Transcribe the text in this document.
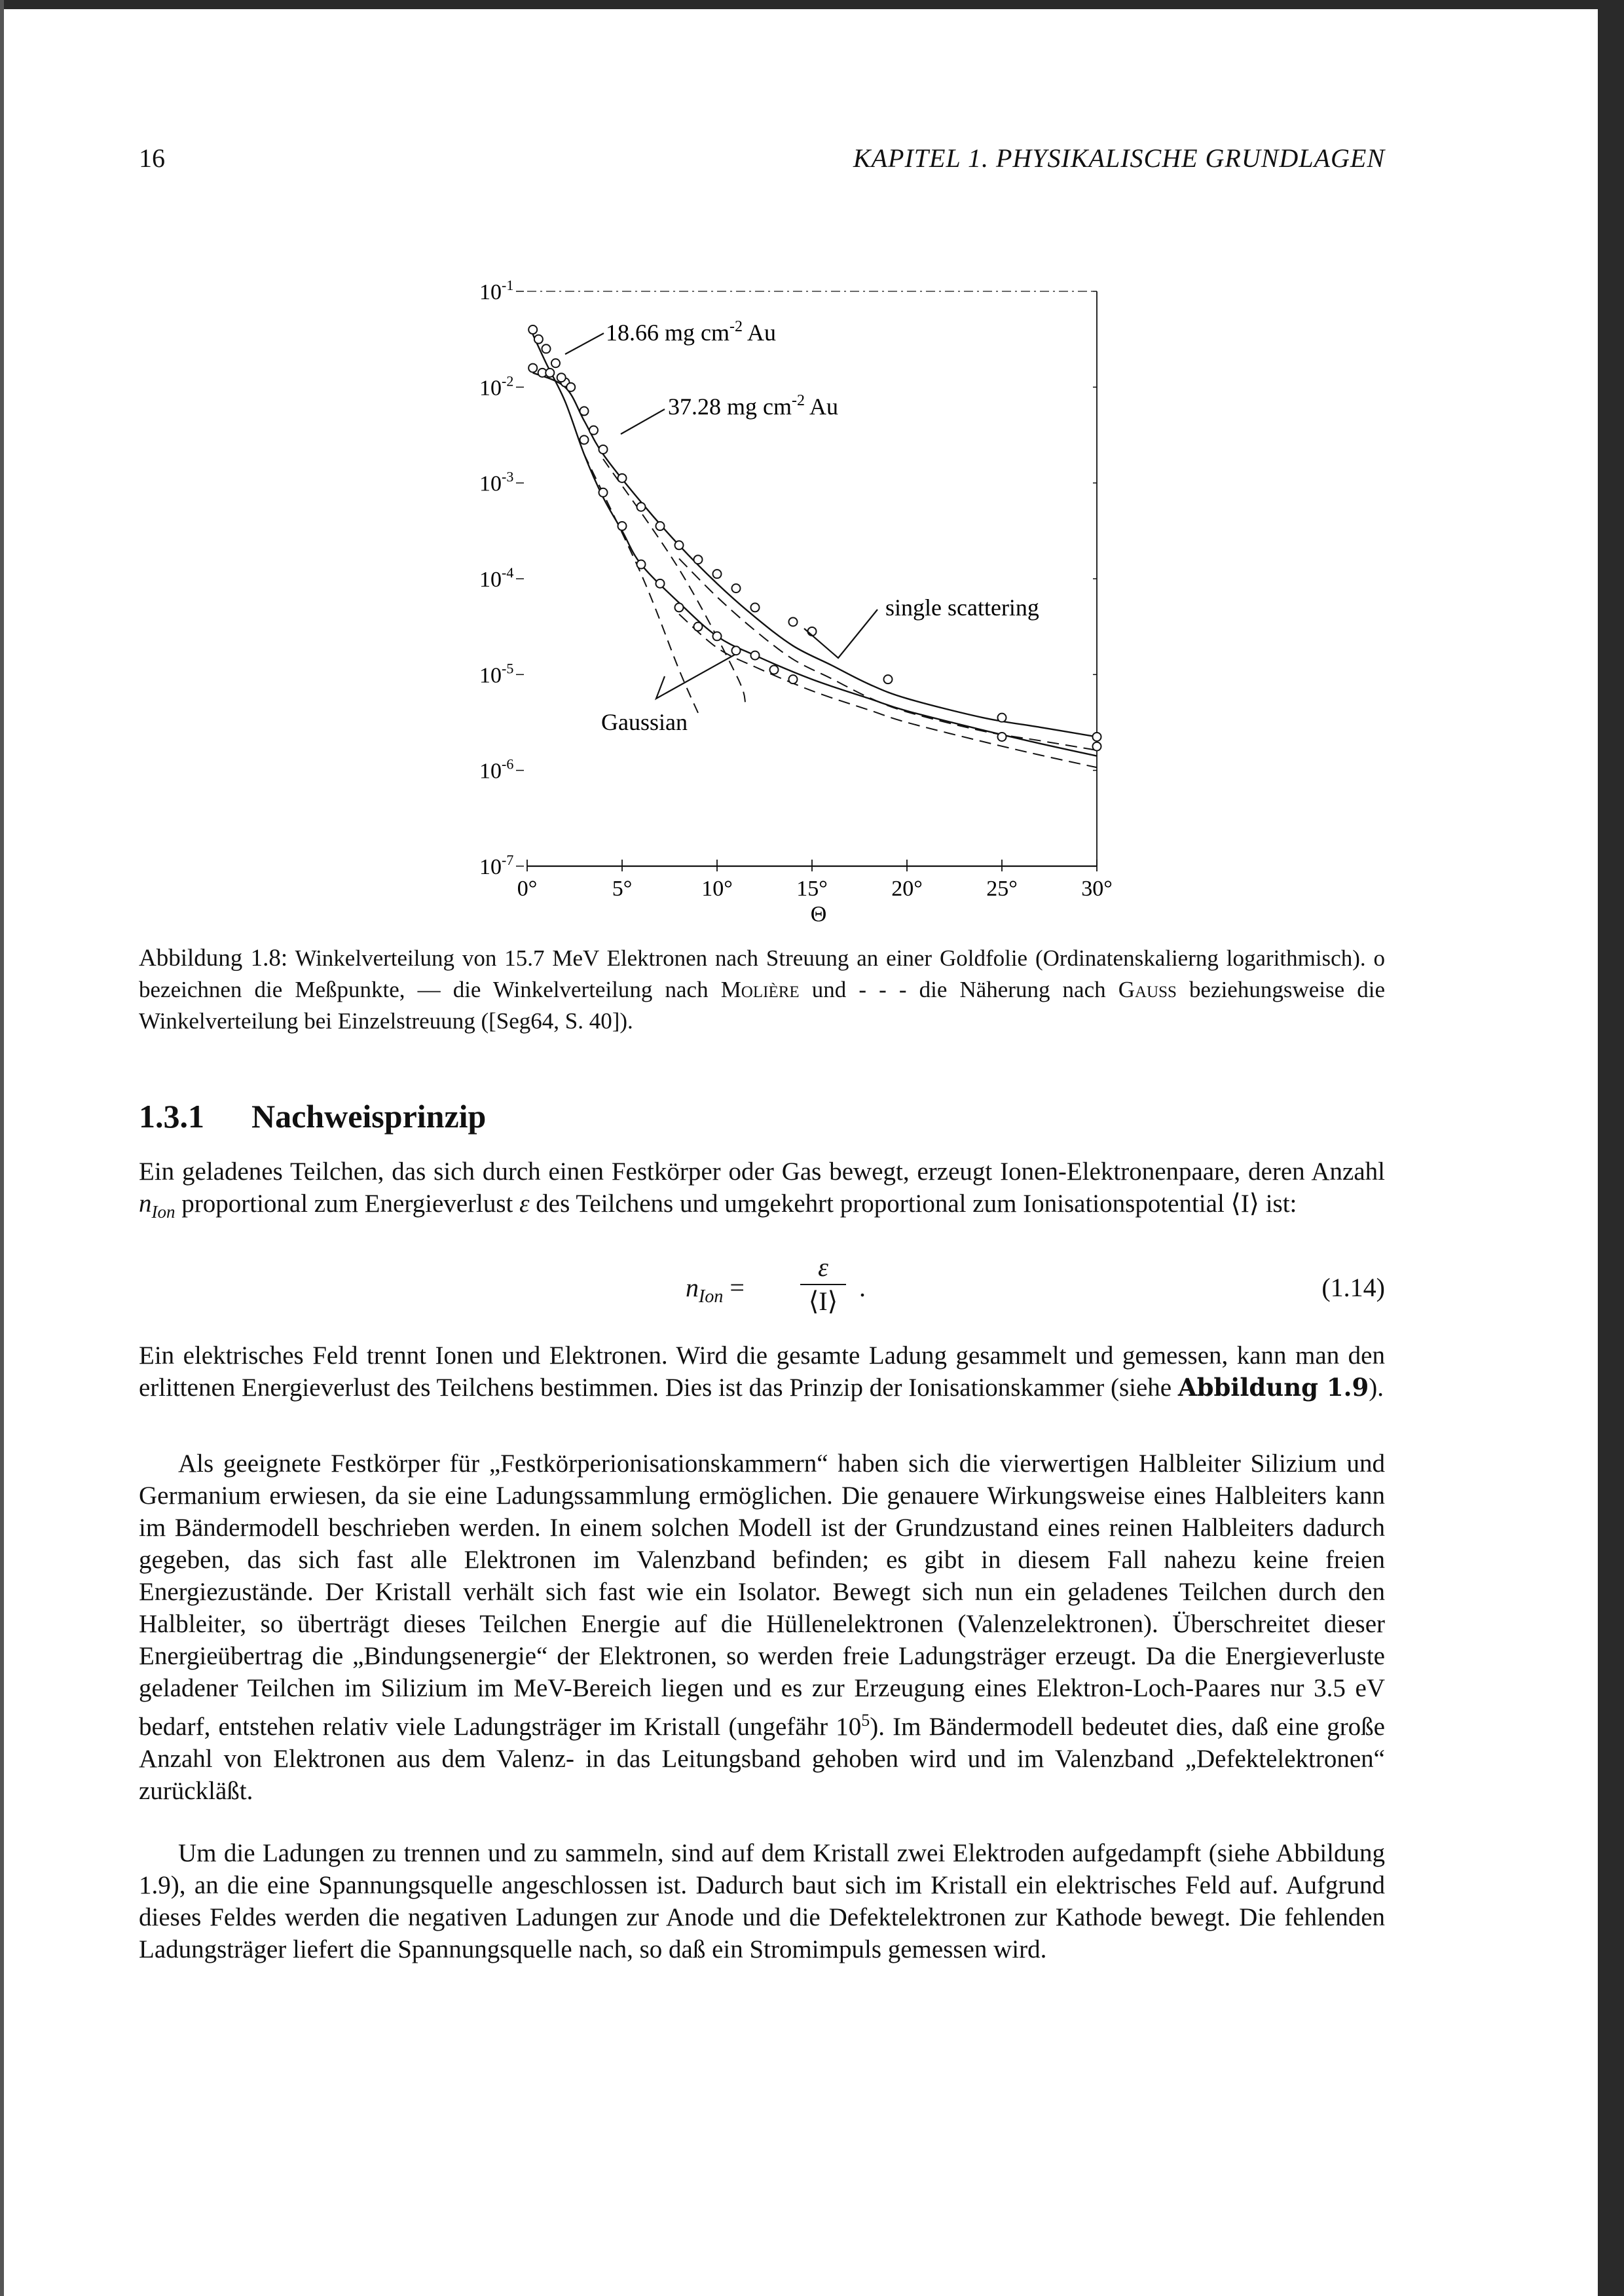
16	KAPITEL 1. PHYSIKALISCHE GRUNDLAGEN
$10^{-1}$
$10^{-2}$
$10^{-3}$
$10^{-4}$
$10^{-5}$
$10^{-6}$
$10^{-7}$
0°	5°	10°	15°	20°	25°	30°
18.66 mg $cm^{-2}$ Au
37.28 mg $cm^{-2}$ Au
single scattering
Gaussian
Θ
Abbildung 1.8: Winkelverteilung von 15.7 MeV Elektronen nach Streuung an einer Goldfolie (Ordinatenskalierng logarithmisch). o bezeichnen die Meßpunkte, — die Winkelverteilung nach Molière und - - - die Näherung nach Gauss beziehungsweise die Winkelverteilung bei Einzelstreuung ([Seg64, S. 40]).
1.3.1 Nachweisprinzip
Ein geladenes Teilchen, das sich durch einen Festkörper oder Gas bewegt, erzeugt Ionen-Elektronenpaare, deren Anzahl $n_{Ion}$ proportional zum Energieverlust ε des Teilchens und umgekehrt proportional zum Ionisationspotential ⟨I⟩ ist:
$n_{Ion}$ =
ε
⟨I⟩ .	(1.14)
Ein elektrisches Feld trennt Ionen und Elektronen. Wird die gesamte Ladung gesammelt und gemessen, kann man den erlittenen Energieverlust des Teilchens bestimmen. Dies ist das Prinzip der Ionisationskammer (siehe Abbildung 1.9).
Als geeignete Festkörper für „Festkörperionisationskammern“ haben sich die vierwertigen Halbleiter Silizium und Germanium erwiesen, da sie eine Ladungssammlung ermöglichen. Die genauere Wirkungsweise eines Halbleiters kann im Bändermodell beschrieben werden. In einem solchen Modell ist der Grundzustand eines reinen Halbleiters dadurch gegeben, das sich fast alle Elektronen im Valenzband befinden; es gibt in diesem Fall nahezu keine freien Energiezustände. Der Kristall verhält sich fast wie ein Isolator. Bewegt sich nun ein geladenes Teilchen durch den Halbleiter, so überträgt dieses Teilchen Energie auf die Hüllenelektronen (Valenzelektronen). Überschreitet dieser Energieübertrag die „Bindungsenergie“ der Elektronen, so werden freie Ladungsträger erzeugt. Da die Energieverluste geladener Teilchen im Silizium im MeV-Bereich liegen und es zur Erzeugung eines Elektron-Loch-Paares nur 3.5 eV bedarf, entstehen relativ viele Ladungsträger im Kristall (ungefähr $10^5$). Im Bändermodell bedeutet dies, daß eine große Anzahl von Elektronen aus dem Valenz- in das Leitungsband gehoben wird und im Valenzband „Defektelektronen“ zurückläßt.
Um die Ladungen zu trennen und zu sammeln, sind auf dem Kristall zwei Elektroden aufgedampft (siehe Abbildung 1.9), an die eine Spannungsquelle angeschlossen ist. Dadurch baut sich im Kristall ein elektrisches Feld auf. Aufgrund dieses Feldes werden die negativen Ladungen zur Anode und die Defektelektronen zur Kathode bewegt. Die fehlenden Ladungsträger liefert die Spannungsquelle nach, so daß ein Stromimpuls gemessen wird.
